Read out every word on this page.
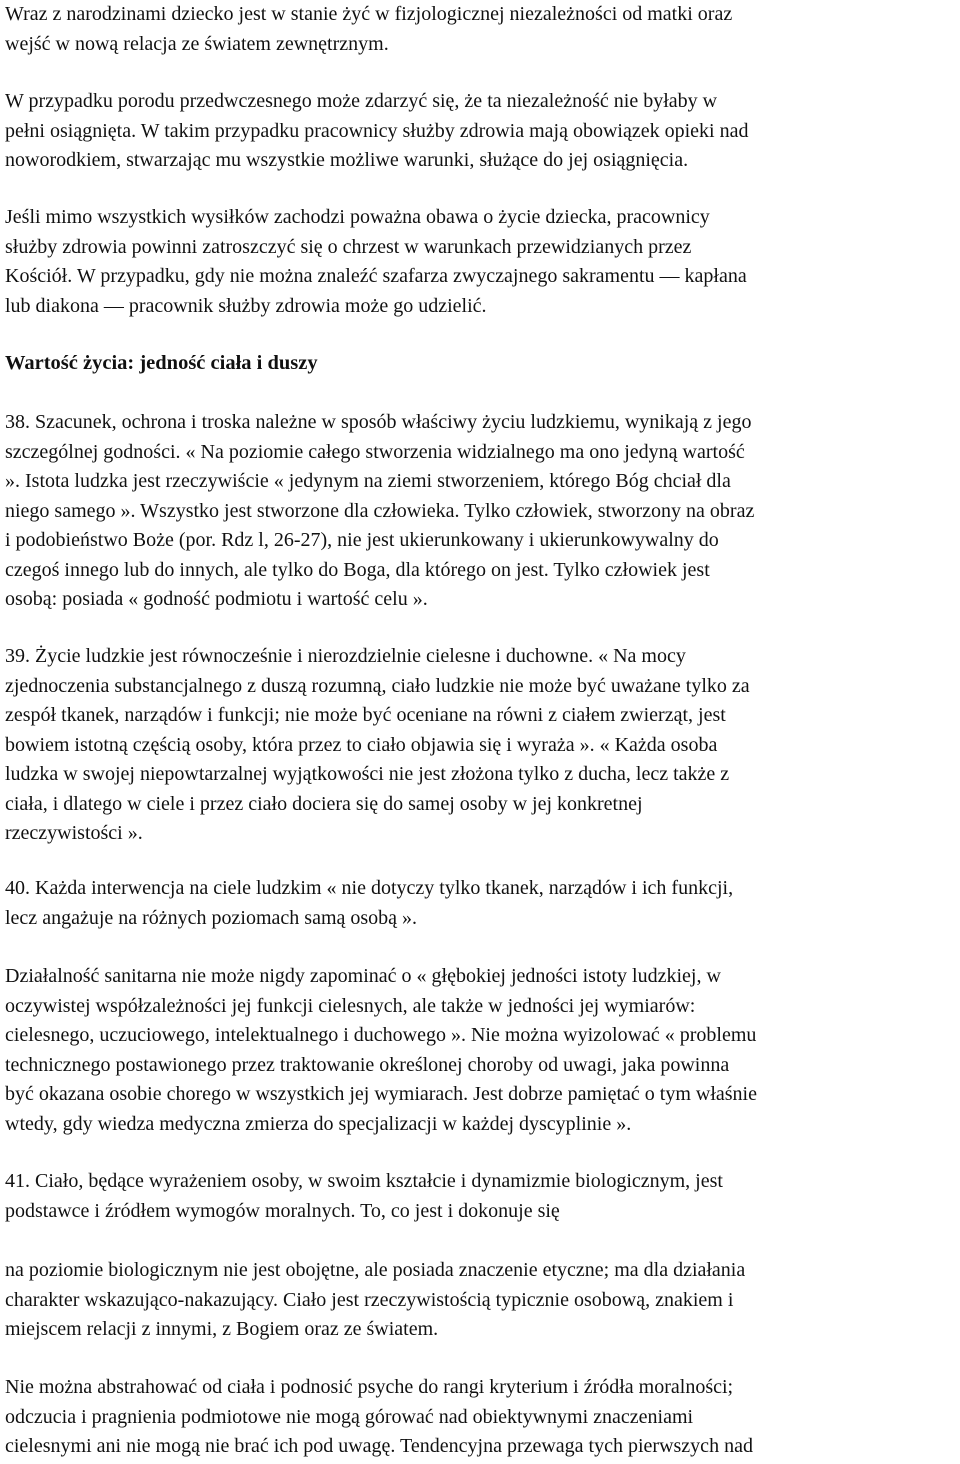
Wraz z narodzinami dziecko jest w stanie żyć w fizjologicznej niezależności od matki oraz
wejść w nową relacja ze światem zewnętrznym.

W przypadku porodu przedwczesnego może zdarzyć się, że ta niezależność nie byłaby w
pełni osiągnięta. W takim przypadku pracownicy służby zdrowia mają obowiązek opieki nad
noworodkiem, stwarzając mu wszystkie możliwe warunki, służące do jej osiągnięcia.

Jeśli mimo wszystkich wysiłków zachodzi poważna obawa o życie dziecka, pracownicy
służby zdrowia powinni zatroszczyć się o chrzest w warunkach przewidzianych przez
Kościół. W przypadku, gdy nie można znaleźć szafarza zwyczajnego sakramentu — kapłana
lub diakona — pracownik służby zdrowia może go udzielić.

Wartość życia: jedność ciała i duszy

38. Szacunek, ochrona i troska należne w sposób właściwy życiu ludzkiemu, wynikają z jego
szczególnej godności. « Na poziomie całego stworzenia widzialnego ma ono jedyną wartość
». Istota ludzka jest rzeczywiście « jedynym na ziemi stworzeniem, którego Bóg chciał dla
niego samego ». Wszystko jest stworzone dla człowieka. Tylko człowiek, stworzony na obraz
i podobieństwo Boże (por. Rdz l, 26-27), nie jest ukierunkowany i ukierunkowywalny do
czegoś innego lub do innych, ale tylko do Boga, dla którego on jest. Tylko człowiek jest
osobą: posiada « godność podmiotu i wartość celu ».

39. Życie ludzkie jest równocześnie i nierozdzielnie cielesne i duchowne. « Na mocy
zjednoczenia substancjalnego z duszą rozumną, ciało ludzkie nie może być uważane tylko za
zespół tkanek, narządów i funkcji; nie może być oceniane na równi z ciałem zwierząt, jest
bowiem istotną częścią osoby, która przez to ciało objawia się i wyraża ». « Każda osoba
ludzka w swojej niepowtarzalnej wyjątkowości nie jest złożona tylko z ducha, lecz także z
ciała, i dlatego w ciele i przez ciało dociera się do samej osoby w jej konkretnej
rzeczywistości ».

40. Każda interwencja na ciele ludzkim « nie dotyczy tylko tkanek, narządów i ich funkcji,
lecz angażuje na różnych poziomach samą osobą ».

Działalność sanitarna nie może nigdy zapominać o « głębokiej jedności istoty ludzkiej, w
oczywistej współzależności jej funkcji cielesnych, ale także w jedności jej wymiarów:
cielesnego, uczuciowego, intelektualnego i duchowego ». Nie można wyizolować « problemu
technicznego postawionego przez traktowanie określonej choroby od uwagi, jaka powinna
być okazana osobie chorego w wszystkich jej wymiarach. Jest dobrze pamiętać o tym właśnie
wtedy, gdy wiedza medyczna zmierza do specjalizacji w każdej dyscyplinie ».

41. Ciało, będące wyrażeniem osoby, w swoim kształcie i dynamizmie biologicznym, jest
podstawce i źródłem wymogów moralnych. To, co jest i dokonuje się

na poziomie biologicznym nie jest obojętne, ale posiada znaczenie etyczne; ma dla działania
charakter wskazująco-nakazujący. Ciało jest rzeczywistością typicznie osobową, znakiem i
miejscem relacji z innymi, z Bogiem oraz ze światem.

Nie można abstrahować od ciała i podnosić psyche do rangi kryterium i źródła moralności;
odczucia i pragnienia podmiotowe nie mogą górować nad obiektywnymi znaczeniami
cielesnymi ani nie mogą nie brać ich pod uwagę. Tendencyjna przewaga tych pierwszych nad
